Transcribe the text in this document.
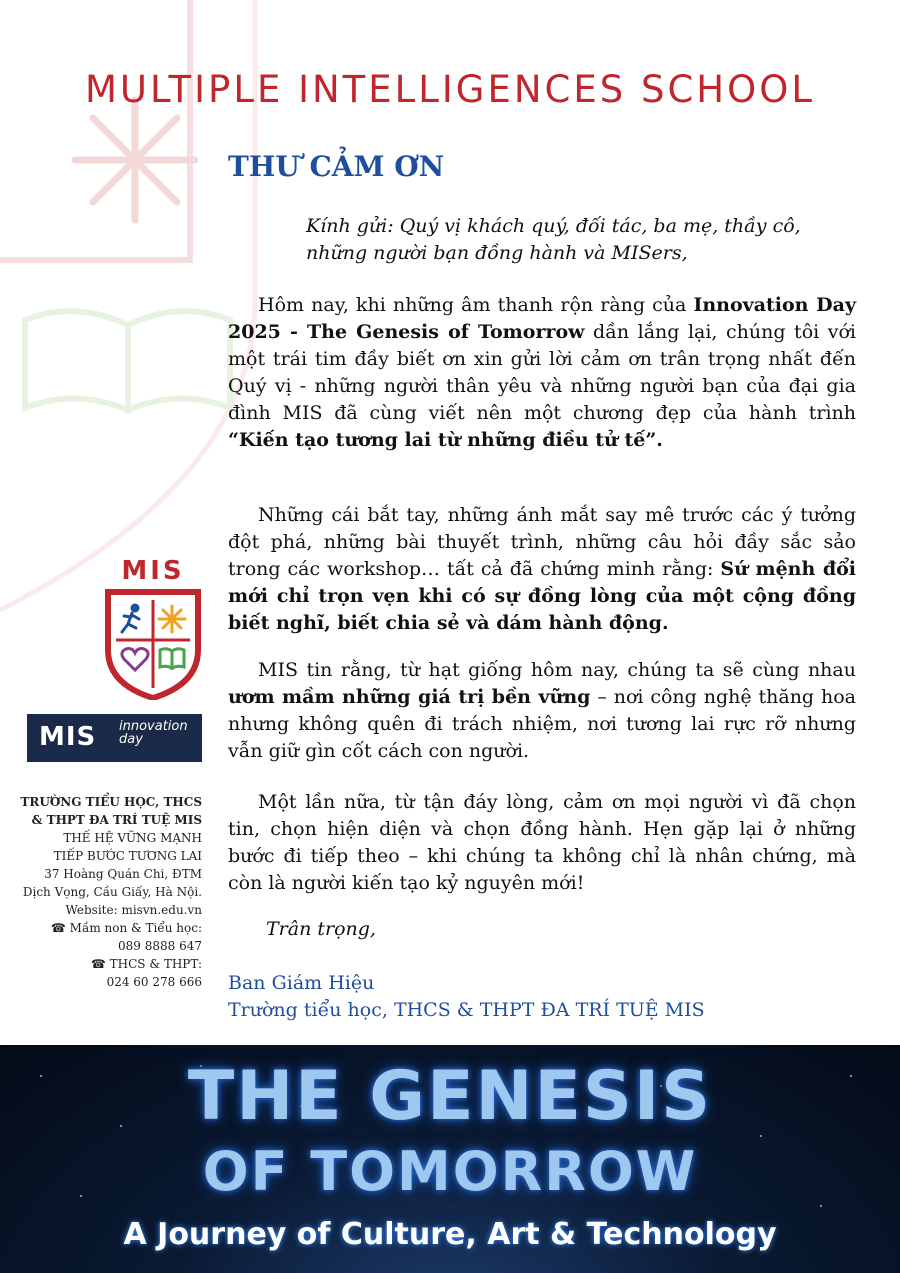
MULTIPLE INTELLIGENCES SCHOOL
THƯ CẢM ƠN
Kính gửi: Quý vị khách quý, đối tác, ba mẹ, thầy cô, những người bạn đồng hành và MISers,
Hôm nay, khi những âm thanh rộn ràng của Innovation Day 2025 - The Genesis of Tomorrow dần lắng lại, chúng tôi với một trái tim đầy biết ơn xin gửi lời cảm ơn trân trọng nhất đến Quý vị - những người thân yêu và những người bạn của đại gia đình MIS đã cùng viết nên một chương đẹp của hành trình “Kiến tạo tương lai từ những điều tử tế”.
Những cái bắt tay, những ánh mắt say mê trước các ý tưởng đột phá, những bài thuyết trình, những câu hỏi đầy sắc sảo trong các workshop… tất cả đã chứng minh rằng: Sứ mệnh đổi mới chỉ trọn vẹn khi có sự đồng lòng của một cộng đồng biết nghĩ, biết chia sẻ và dám hành động.
MIS tin rằng, từ hạt giống hôm nay, chúng ta sẽ cùng nhau ươm mầm những giá trị bền vững – nơi công nghệ thăng hoa nhưng không quên đi trách nhiệm, nơi tương lai rực rỡ nhưng vẫn giữ gìn cốt cách con người.
Một lần nữa, từ tận đáy lòng, cảm ơn mọi người vì đã chọn tin, chọn hiện diện và chọn đồng hành. Hẹn gặp lại ở những bước đi tiếp theo – khi chúng ta không chỉ là nhân chứng, mà còn là người kiến tạo kỷ nguyên mới!
Trân trọng,
Ban Giám Hiệu
Trường tiểu học, THCS & THPT ĐA TRÍ TUỆ MIS
MIS
MIS innovation
day
TRƯỜNG TIỂU HỌC, THCS
& THPT ĐA TRÍ TUỆ MIS
THẾ HỆ VỮNG MẠNH
TIẾP BƯỚC TƯƠNG LAI
37 Hoàng Quán Chi, ĐTM
Dịch Vọng, Cầu Giấy, Hà Nội.
Website: misvn.edu.vn
☎ Mầm non & Tiểu học:
089 8888 647
☎ THCS & THPT:
024 60 278 666
THE GENESIS
OF TOMORROW
A Journey of Culture, Art & Technology
